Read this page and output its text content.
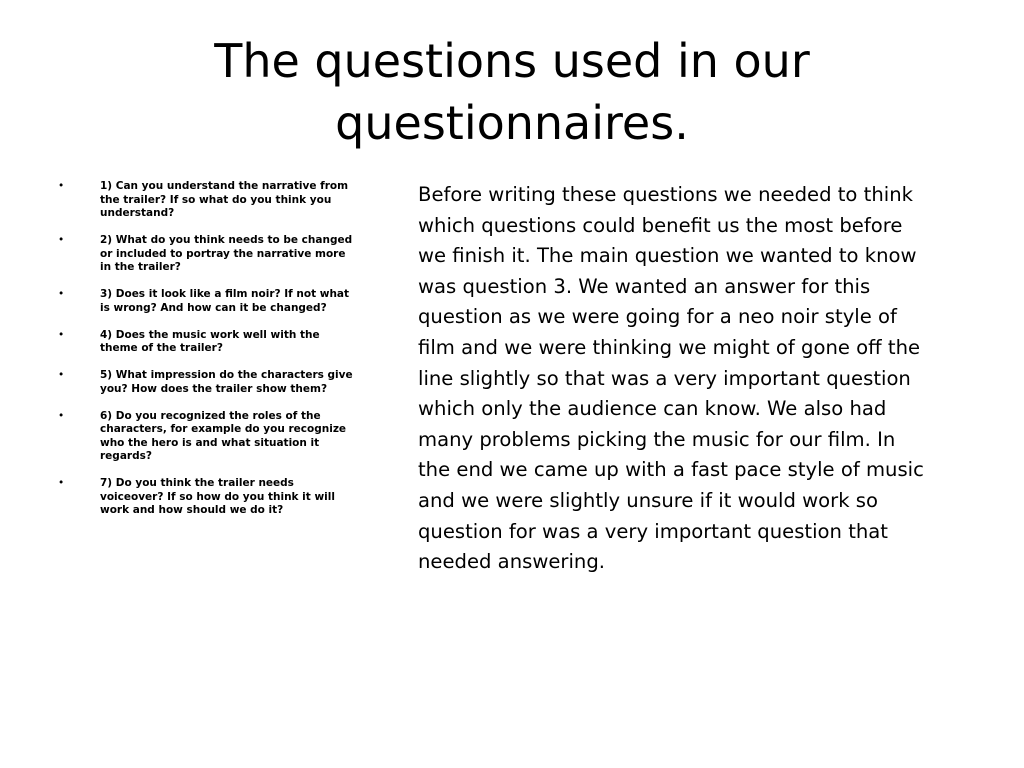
The questions used in our questionnaires.
•	1) Can you understand the narrative from the trailer? If so what do you think you understand?
•	2) What do you think needs to be changed or included to portray the narrative more in the trailer?
•	3) Does it look like a film noir? If not what is wrong? And how can it be changed?
•	4) Does the music work well with the theme of the trailer?
•	5) What impression do the characters give you? How does the trailer show them?
•	6) Do you recognized the roles of the characters, for example do you recognize who the hero is and what situation it regards?
•	7) Do you think the trailer needs voiceover? If so how do you think it will work and how should we do it?

Before writing these questions we needed to think which questions could benefit us the most before we finish it. The main question we wanted to know was question 3. We wanted an answer for this question as we were going for a neo noir style of film and we were thinking we might of gone off the line slightly so that was a very important question which only the audience can know. We also had many problems picking the music for our film. In the end we came up with a fast pace style of music and we were slightly unsure if it would work so question for was a very important question that needed answering.
